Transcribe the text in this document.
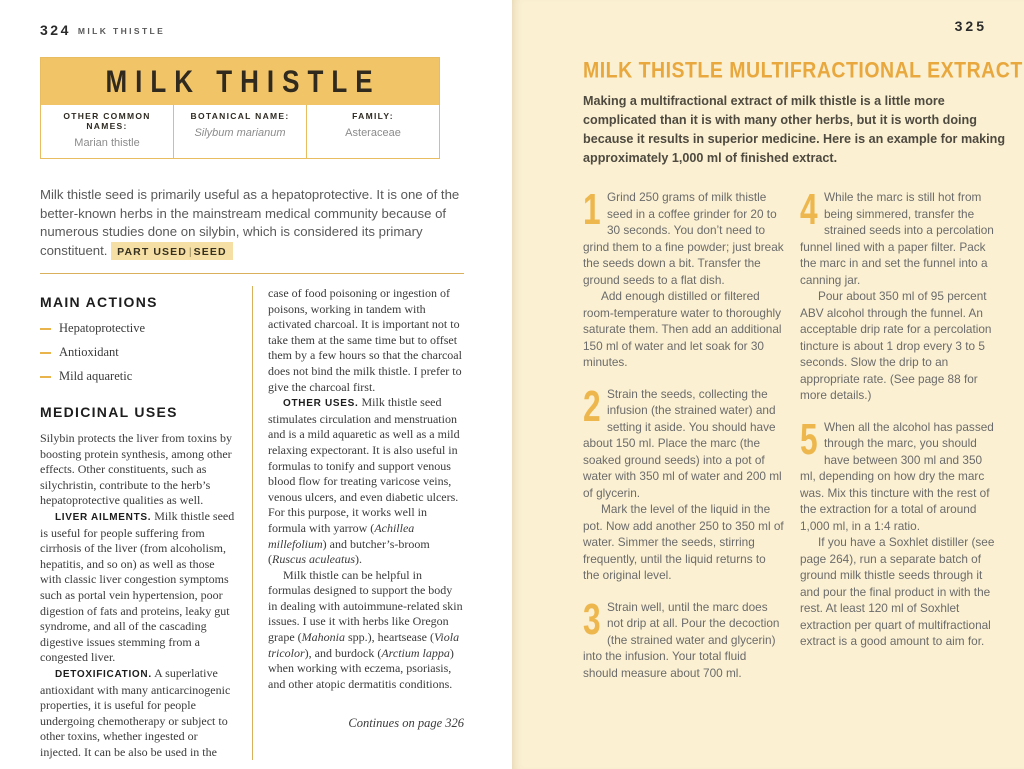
324 MILK THISTLE
MILK THISTLE
OTHER COMMON NAMES:
Marian thistle
BOTANICAL NAME:
Silybum marianum
FAMILY:
Asteraceae

Milk thistle seed is primarily useful as a hepatoprotective. It is one of the better-known herbs in the mainstream medical community because of numerous studies done on silybin, which is considered its primary constituent. PART USED | SEED

MAIN ACTIONS
Hepatoprotective
Antioxidant
Mild aquaretic
MEDICINAL USES

Silybin protects the liver from toxins by boosting protein synthesis, among other effects. Other constituents, such as silychristin, contribute to the herb’s hepatoprotective qualities as well.

LIVER AILMENTS. Milk thistle seed is useful for people suffering from cirrhosis of the liver (from alcoholism, hepatitis, and so on) as well as those with classic liver congestion symptoms such as portal vein hypertension, poor digestion of fats and proteins, leaky gut syndrome, and all of the cascading digestive issues stemming from a congested liver.

DETOXIFICATION. A superlative antioxidant with many anticarcinogenic properties, it is useful for people undergoing chemotherapy or subject to other toxins, whether ingested or injected. It can be also be used in the

case of food poisoning or ingestion of poisons, working in tandem with activated charcoal. It is important not to take them at the same time but to offset them by a few hours so that the charcoal does not bind the milk thistle. I prefer to give the charcoal first.

OTHER USES. Milk thistle seed stimulates circulation and menstruation and is a mild aquaretic as well as a mild relaxing expectorant. It is also useful in formulas to tonify and support venous blood flow for treating varicose veins, venous ulcers, and even diabetic ulcers. For this purpose, it works well in formula with yarrow (Achillea millefolium) and butcher’s-broom (Ruscus aculeatus).

Milk thistle can be helpful in formulas designed to support the body in dealing with autoimmune-related skin issues. I use it with herbs like Oregon grape (Mahonia spp.), heartsease (Viola tricolor), and burdock (Arctium lappa) when working with eczema, psoriasis, and other atopic dermatitis conditions.

Continues on page 326

325
MILK THISTLE MULTIFRACTIONAL EXTRACT

Making a multifractional extract of milk thistle is a little more complicated than it is with many other herbs, but it is worth doing because it results in superior medicine. Here is an example for making approximately 1,000 ml of finished extract.

1 Grind 250 grams of milk thistle seed in a coffee grinder for 20 to 30 seconds. You don’t need to grind them to a fine powder; just break the seeds down a bit. Transfer the ground seeds to a flat dish.

Add enough distilled or filtered room-temperature water to thoroughly saturate them. Then add an additional 150 ml of water and let soak for 30 minutes.

2 Strain the seeds, collecting the infusion (the strained water) and setting it aside. You should have about 150 ml. Place the marc (the soaked ground seeds) into a pot of water with 350 ml of water and 200 ml of glycerin.

Mark the level of the liquid in the pot. Now add another 250 to 350 ml of water. Simmer the seeds, stirring frequently, until the liquid returns to the original level.

3 Strain well, until the marc does not drip at all. Pour the decoction (the strained water and glycerin) into the infusion. Your total fluid should measure about 700 ml.

4 While the marc is still hot from being simmered, transfer the strained seeds into a percolation funnel lined with a paper filter. Pack the marc in and set the funnel into a canning jar.

Pour about 350 ml of 95 percent ABV alcohol through the funnel. An acceptable drip rate for a percolation tincture is about 1 drop every 3 to 5 seconds. Slow the drip to an appropriate rate. (See page 88 for more details.)

5 When all the alcohol has passed through the marc, you should have between 300 ml and 350 ml, depending on how dry the marc was. Mix this tincture with the rest of the extraction for a total of around 1,000 ml, in a 1:4 ratio.

If you have a Soxhlet distiller (see page 264), run a separate batch of ground milk thistle seeds through it and pour the final product in with the rest. At least 120 ml of Soxhlet extraction per quart of multifractional extract is a good amount to aim for.
